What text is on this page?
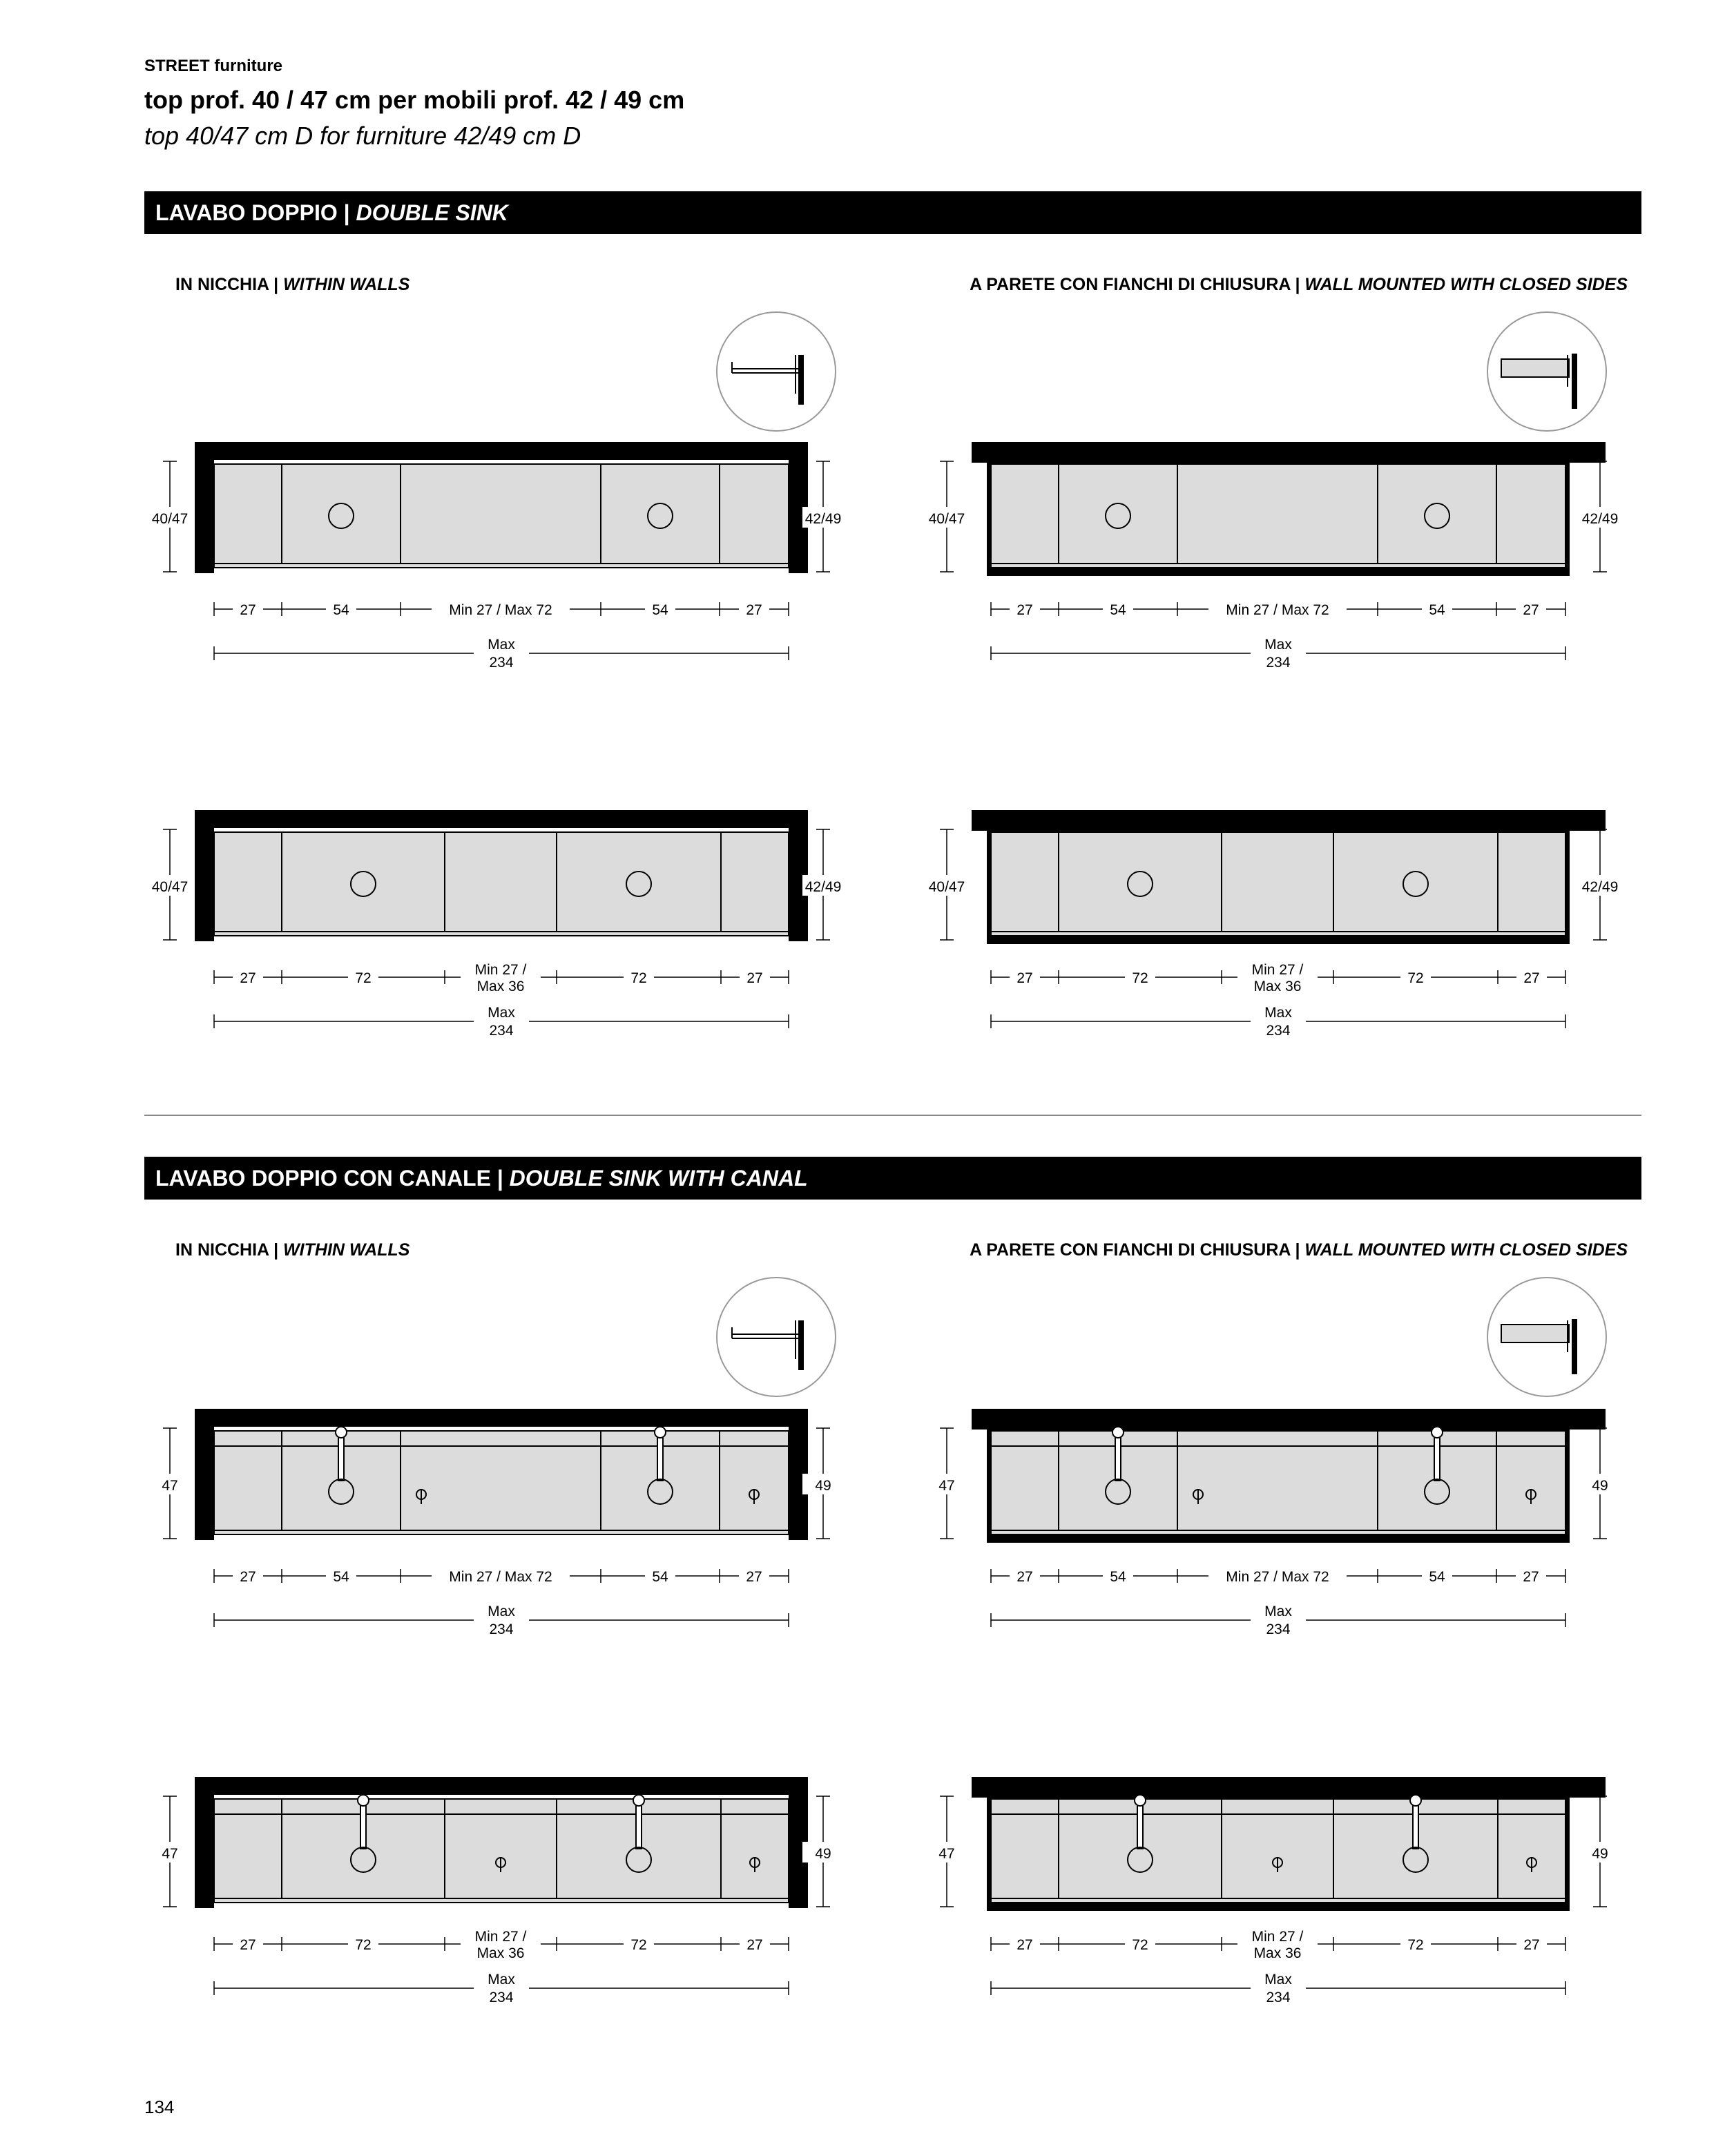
STREET furniture
top prof. 40 / 47 cm per mobili prof. 42 / 49 cm
top 40/47 cm D for furniture 42/49 cm D
LAVABO DOPPIO | DOUBLE SINK
IN NICCHIA | WITHIN WALLS	A PARETE CON FIANCHI DI CHIUSURA | WALL MOUNTED WITH CLOSED SIDES
LAVABO DOPPIO CON CANALE | DOUBLE SINK WITH CANAL
IN NICCHIA | WITHIN WALLS	A PARETE CON FIANCHI DI CHIUSURA | WALL MOUNTED WITH CLOSED SIDES
40/47	42/49
27	54	Min 27 / Max 72	54	27
Max
234
40/47	42/49
27	54	Min 27 / Max 72	54	27
Max
234
40/47	42/49
27	72
Min 27 /
Max 36
72	27
Max
234
40/47	42/49
27	72
Min 27 /
Max 36
72	27
Max
234
47	49
27	54	Min 27 / Max 72	54	27
Max
234
47	49
27	54	Min 27 / Max 72	54	27
Max
234
47	49
27	72
Min 27 /
Max 36
72	27
Max
234
47	49
27	72
Min 27 /
Max 36
72	27
Max
234
134
